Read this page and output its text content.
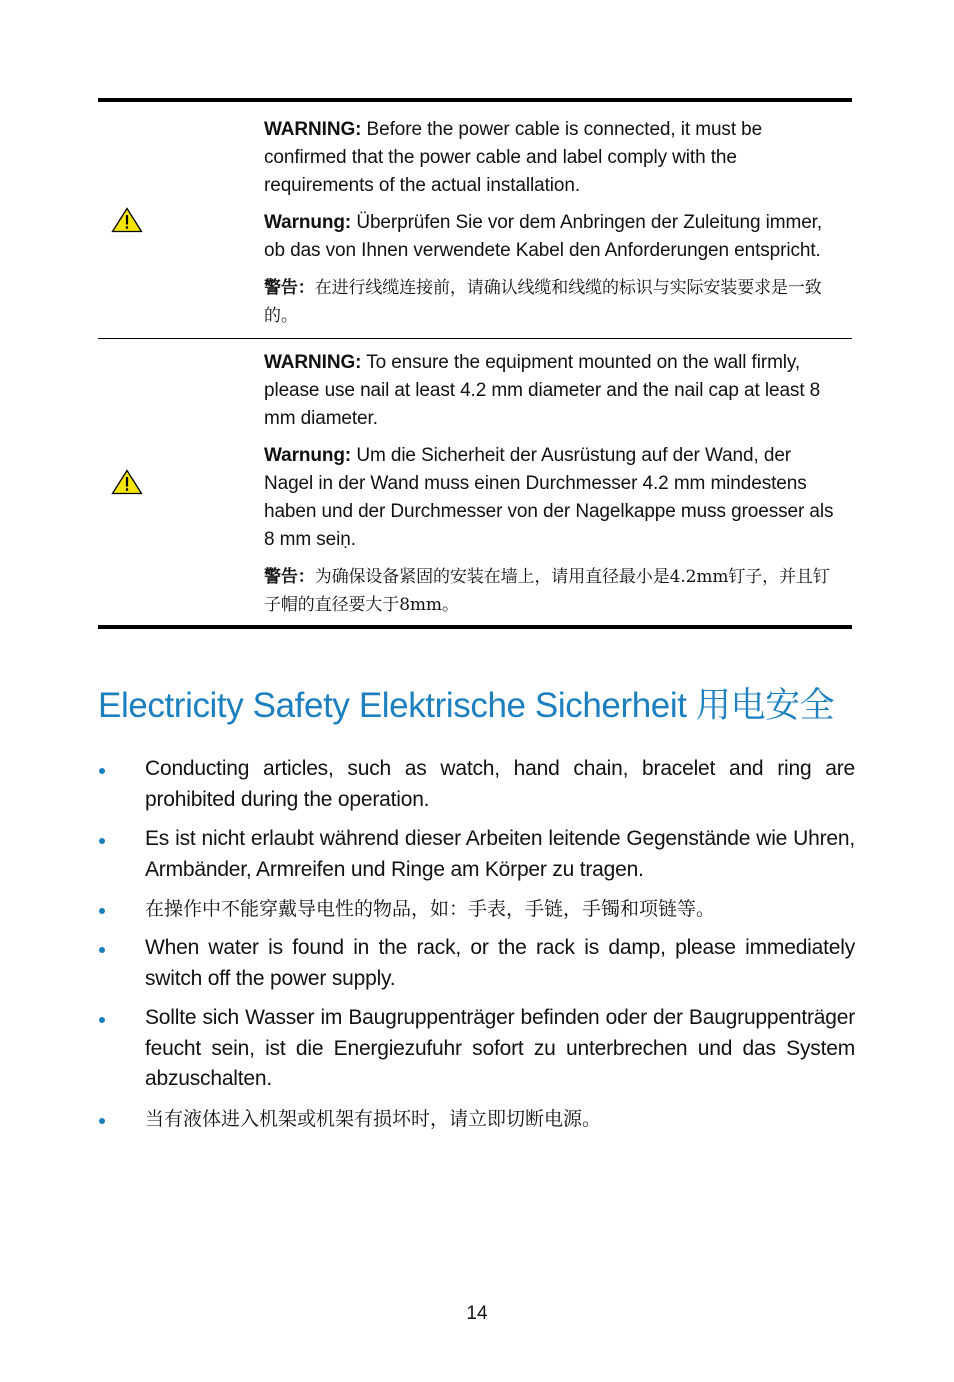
WARNING: Before the power cable is connected, it must be confirmed that the power cable and label comply with the requirements of the actual installation.

Warnung: Überprüfen Sie vor dem Anbringen der Zuleitung immer, ob das von Ihnen verwendete Kabel den Anforderungen entspricht.

警告：在进行线缆连接前，请确认线缆和线缆的标识与实际安装要求是一致的。

WARNING: To ensure the equipment mounted on the wall firmly, please use nail at least 4.2 mm diameter and the nail cap at least 8 mm diameter.

Warnung: Um die Sicherheit der Ausrüstung auf der Wand, der Nagel in der Wand muss einen Durchmesser 4.2 mm mindestens haben und der Durchmesser von der Nagelkappe muss groesser als 8 mm seiṇ.

警告：为确保设备紧固的安装在墙上，请用直径最小是4.2mm钉子，并且钉子帽的直径要大于8mm。

Electricity Safety Elektrische Sicherheit 用电安全
Conducting articles, such as watch, hand chain, bracelet and ring are prohibited during the operation.
Es ist nicht erlaubt während dieser Arbeiten leitende Gegenstände wie Uhren, Armbänder, Armreifen und Ringe am Körper zu tragen.
在操作中不能穿戴导电性的物品，如：手表，手链，手镯和项链等。
When water is found in the rack, or the rack is damp, please immediately switch off the power supply.
Sollte sich Wasser im Baugruppenträger befinden oder der Baugruppenträger feucht sein, ist die Energiezufuhr sofort zu unterbrechen und das System abzuschalten.
当有液体进入机架或机架有损坏时，请立即切断电源。
14
